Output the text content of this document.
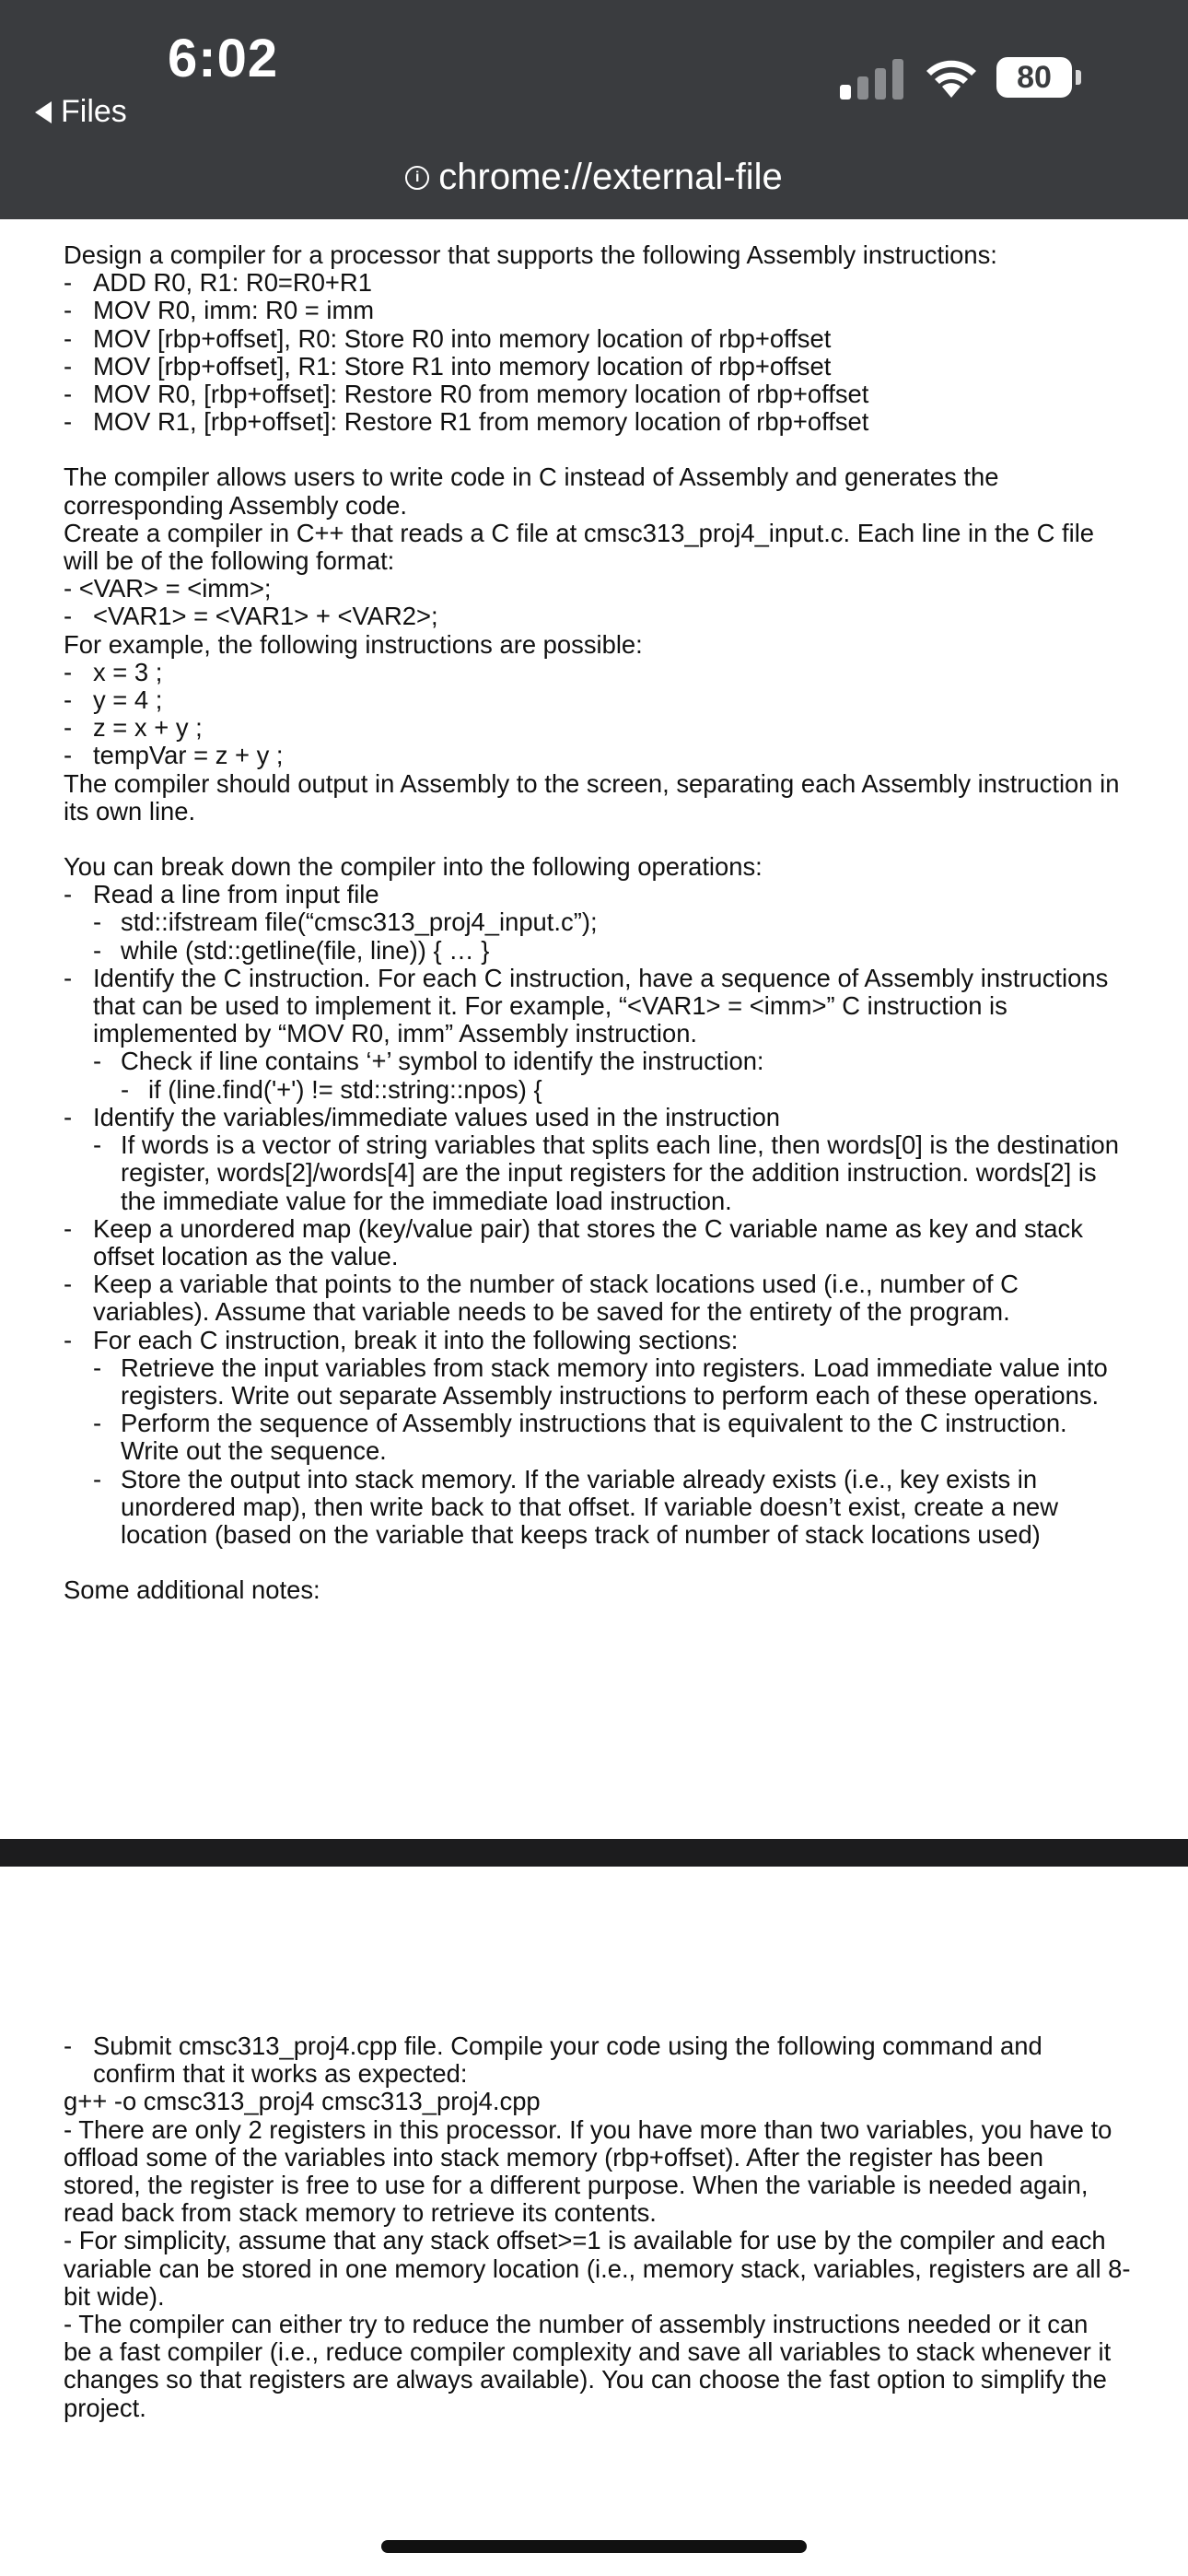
6:02
Files
80
i chrome://external-file
Design a compiler for a processor that supports the following Assembly instructions:
- ADD R0, R1: R0=R0+R1
- MOV R0, imm: R0 = imm
- MOV [rbp+offset], R0: Store R0 into memory location of rbp+offset
- MOV [rbp+offset], R1: Store R1 into memory location of rbp+offset
- MOV R0, [rbp+offset]: Restore R0 from memory location of rbp+offset
- MOV R1, [rbp+offset]: Restore R1 from memory location of rbp+offset
The compiler allows users to write code in C instead of Assembly and generates the
corresponding Assembly code.
Create a compiler in C++ that reads a C file at cmsc313_proj4_input.c. Each line in the C file
will be of the following format:
- <VAR> = <imm>;
- <VAR1> = <VAR1> + <VAR2>;
For example, the following instructions are possible:
- x = 3 ;
- y = 4 ;
- z = x + y ;
- tempVar = z + y ;
The compiler should output in Assembly to the screen, separating each Assembly instruction in
its own line.
You can break down the compiler into the following operations:
- Read a line from input file
- std::ifstream file(“cmsc313_proj4_input.c”);
- while (std::getline(file, line)) { … }
- Identify the C instruction. For each C instruction, have a sequence of Assembly instructions
that can be used to implement it. For example, “<VAR1> = <imm>” C instruction is
implemented by “MOV R0, imm” Assembly instruction.
- Check if line contains ‘+’ symbol to identify the instruction:
- if (line.find('+') != std::string::npos) {
- Identify the variables/immediate values used in the instruction
- If words is a vector of string variables that splits each line, then words[0] is the destination
register, words[2]/words[4] are the input registers for the addition instruction. words[2] is
the immediate value for the immediate load instruction.
- Keep a unordered map (key/value pair) that stores the C variable name as key and stack
offset location as the value.
- Keep a variable that points to the number of stack locations used (i.e., number of C
variables). Assume that variable needs to be saved for the entirety of the program.
- For each C instruction, break it into the following sections:
- Retrieve the input variables from stack memory into registers. Load immediate value into
registers. Write out separate Assembly instructions to perform each of these operations.
- Perform the sequence of Assembly instructions that is equivalent to the C instruction.
Write out the sequence.
- Store the output into stack memory. If the variable already exists (i.e., key exists in
unordered map), then write back to that offset. If variable doesn’t exist, create a new
location (based on the variable that keeps track of number of stack locations used)
Some additional notes:
- Submit cmsc313_proj4.cpp file. Compile your code using the following command and
confirm that it works as expected:
g++ -o cmsc313_proj4 cmsc313_proj4.cpp
- There are only 2 registers in this processor. If you have more than two variables, you have to
offload some of the variables into stack memory (rbp+offset). After the register has been
stored, the register is free to use for a different purpose. When the variable is needed again,
read back from stack memory to retrieve its contents.
- For simplicity, assume that any stack offset>=1 is available for use by the compiler and each
variable can be stored in one memory location (i.e., memory stack, variables, registers are all 8-
bit wide).
- The compiler can either try to reduce the number of assembly instructions needed or it can
be a fast compiler (i.e., reduce compiler complexity and save all variables to stack whenever it
changes so that registers are always available). You can choose the fast option to simplify the
project.
